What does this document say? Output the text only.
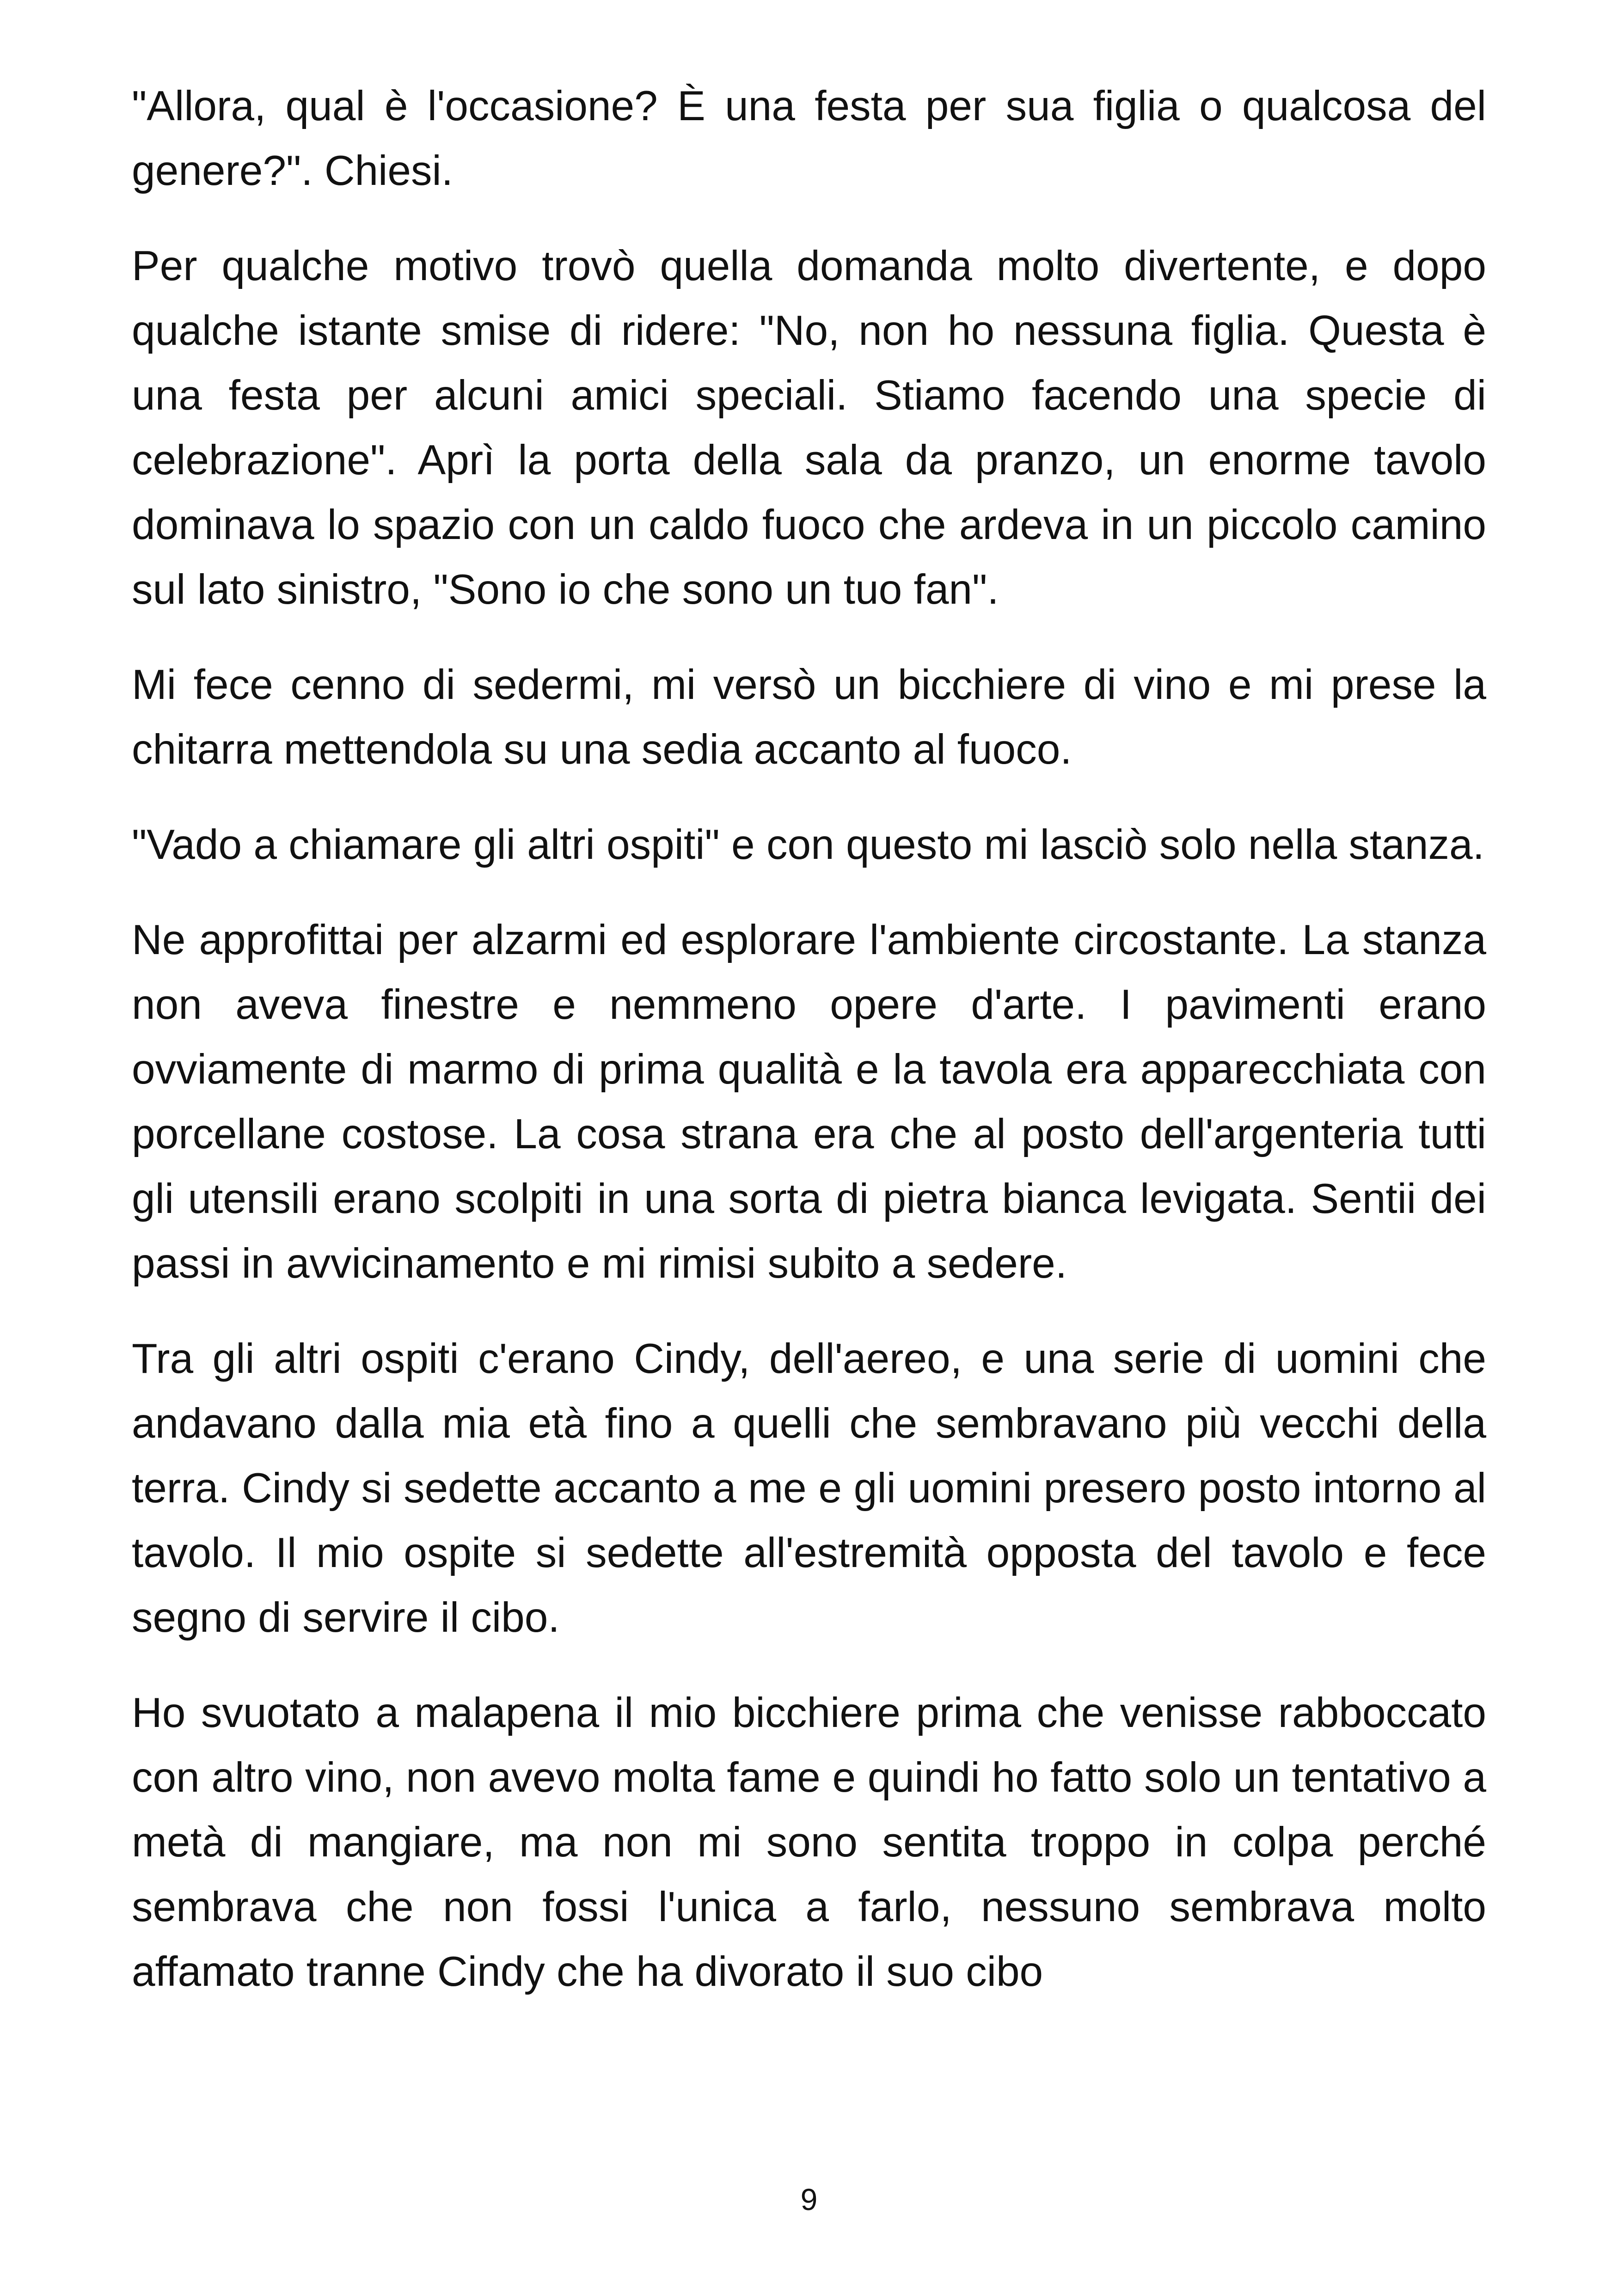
"Allora, qual è l'occasione? È una festa per sua figlia o qualcosa del genere?". Chiesi.

Per qualche motivo trovò quella domanda molto divertente, e dopo qualche istante smise di ridere: "No, non ho nessuna figlia. Questa è una festa per alcuni amici speciali. Stiamo facendo una specie di celebrazione". Aprì la porta della sala da pranzo, un enorme tavolo dominava lo spazio con un caldo fuoco che ardeva in un piccolo camino sul lato sinistro, "Sono io che sono un tuo fan".

Mi fece cenno di sedermi, mi versò un bicchiere di vino e mi prese la chitarra mettendola su una sedia accanto al fuoco.

"Vado a chiamare gli altri ospiti" e con questo mi lasciò solo nella stanza.

Ne approfittai per alzarmi ed esplorare l'ambiente circostante. La stanza non aveva finestre e nemmeno opere d'arte. I pavimenti erano ovviamente di marmo di prima qualità e la tavola era apparecchiata con porcellane costose. La cosa strana era che al posto dell'argenteria tutti gli utensili erano scolpiti in una sorta di pietra bianca levigata. Sentii dei passi in avvicinamento e mi rimisi subito a sedere.

Tra gli altri ospiti c'erano Cindy, dell'aereo, e una serie di uomini che andavano dalla mia età fino a quelli che sembravano più vecchi della terra. Cindy si sedette accanto a me e gli uomini presero posto intorno al tavolo. Il mio ospite si sedette all'estremità opposta del tavolo e fece segno di servire il cibo.

Ho svuotato a malapena il mio bicchiere prima che venisse rabboccato con altro vino, non avevo molta fame e quindi ho fatto solo un tentativo a metà di mangiare, ma non mi sono sentita troppo in colpa perché sembrava che non fossi l'unica a farlo, nessuno sembrava molto affamato tranne Cindy che ha divorato il suo cibo

9
